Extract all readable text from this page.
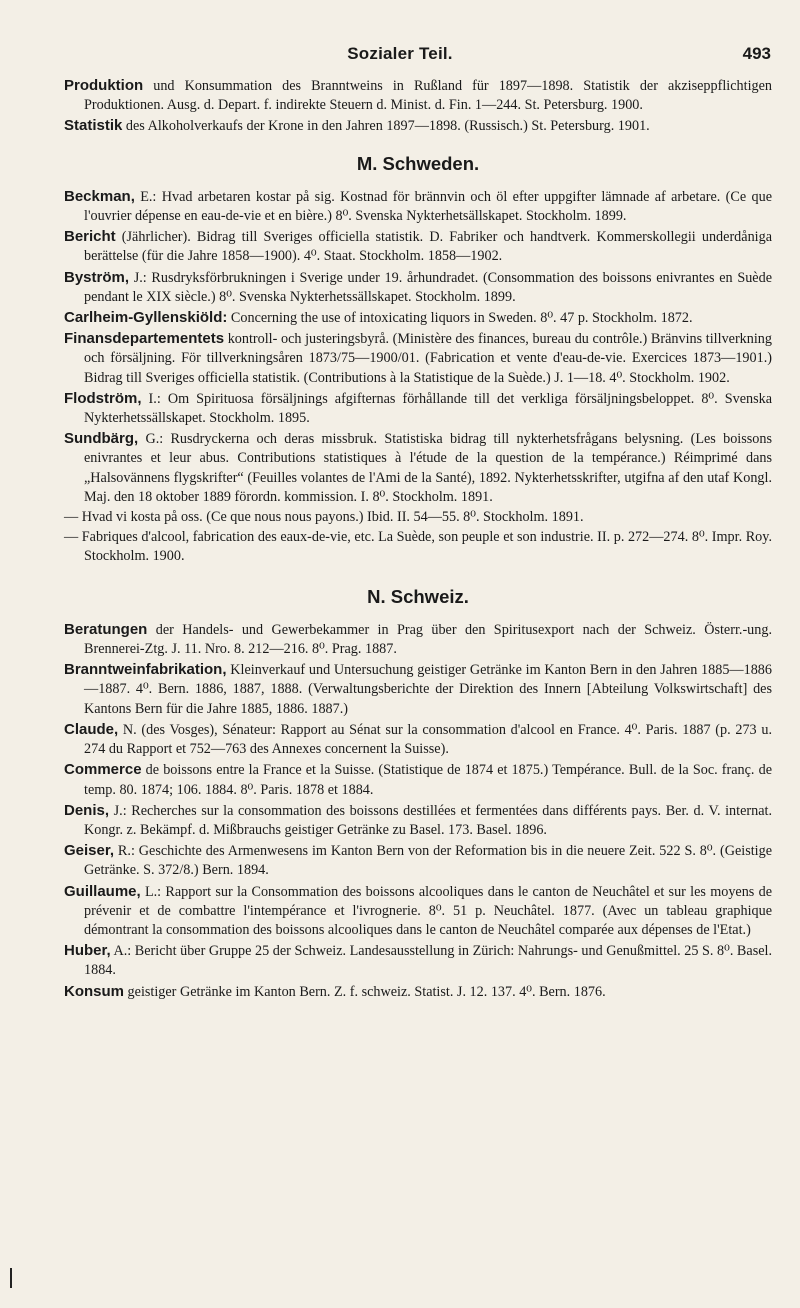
Sozialer Teil.	493

Produktion und Konsummation des Branntweins in Rußland für 1897—1898. Statistik der akziseppflichtigen Produktionen. Ausg. d. Depart. f. indirekte Steuern d. Minist. d. Fin. 1—244. St. Petersburg. 1900.

Statistik des Alkoholverkaufs der Krone in den Jahren 1897—1898. (Russisch.) St. Petersburg. 1901.

M. Schweden.

Beckman, E.: Hvad arbetaren kostar på sig. Kostnad för brännvin och öl efter uppgifter lämnade af arbetare. (Ce que l'ouvrier dépense en eau-de-vie et en bière.) 8⁰. Svenska Nykterhetsällskapet. Stockholm. 1899.

Bericht (Jährlicher). Bidrag till Sveriges officiella statistik. D. Fabriker och handtverk. Kommerskollegii underdåniga berättelse (für die Jahre 1858—1900). 4⁰. Staat. Stockholm. 1858—1902.

Byström, J.: Rusdryksförbrukningen i Sverige under 19. århundradet. (Consommation des boissons enivrantes en Suède pendant le XIX siècle.) 8⁰. Svenska Nykterhetssällskapet. Stockholm. 1899.

Carlheim-Gyllenskiöld: Concerning the use of intoxicating liquors in Sweden. 8⁰. 47 p. Stockholm. 1872.

Finansdepartementets kontroll- och justeringsbyrå. (Ministère des finances, bureau du contrôle.) Bränvins tillverkning och försäljning. För tillverkningsåren 1873/75—1900/01. (Fabrication et vente d'eau-de-vie. Exercices 1873—1901.) Bidrag till Sveriges officiella statistik. (Contributions à la Statistique de la Suède.) J. 1—18. 4⁰. Stockholm. 1902.

Flodström, I.: Om Spirituosa försäljnings afgifternas förhållande till det verkliga försäljningsbeloppet. 8⁰. Svenska Nykterhetssällskapet. Stockholm. 1895.

Sundbärg, G.: Rusdryckerna och deras missbruk. Statistiska bidrag till nykterhetsfrågans belysning. (Les boissons enivrantes et leur abus. Contributions statistiques à l'étude de la question de la tempérance.) Réimprimé dans „Halsovännens flygskrifter“ (Feuilles volantes de l'Ami de la Santé), 1892. Nykterhetsskrifter, utgifna af den utaf Kongl. Maj. den 18 oktober 1889 förordn. kommission. I. 8⁰. Stockholm. 1891.

— Hvad vi kosta på oss. (Ce que nous nous payons.) Ibid. II. 54—55. 8⁰. Stockholm. 1891.

— Fabriques d'alcool, fabrication des eaux-de-vie, etc. La Suède, son peuple et son industrie. II. p. 272—274. 8⁰. Impr. Roy. Stockholm. 1900.

N. Schweiz.

Beratungen der Handels- und Gewerbekammer in Prag über den Spiritusexport nach der Schweiz. Österr.-ung. Brennerei-Ztg. J. 11. Nro. 8. 212—216. 8⁰. Prag. 1887.

Branntweinfabrikation, Kleinverkauf und Untersuchung geistiger Getränke im Kanton Bern in den Jahren 1885—1886—1887. 4⁰. Bern. 1886, 1887, 1888. (Verwaltungsberichte der Direktion des Innern [Abteilung Volkswirtschaft] des Kantons Bern für die Jahre 1885, 1886. 1887.)

Claude, N. (des Vosges), Sénateur: Rapport au Sénat sur la consommation d'alcool en France. 4⁰. Paris. 1887 (p. 273 u. 274 du Rapport et 752—763 des Annexes concernent la Suisse).

Commerce de boissons entre la France et la Suisse. (Statistique de 1874 et 1875.) Tempérance. Bull. de la Soc. franç. de temp. 80. 1874; 106. 1884. 8⁰. Paris. 1878 et 1884.

Denis, J.: Recherches sur la consommation des boissons destillées et fermentées dans différents pays. Ber. d. V. internat. Kongr. z. Bekämpf. d. Mißbrauchs geistiger Getränke zu Basel. 173. Basel. 1896.

Geiser, R.: Geschichte des Armenwesens im Kanton Bern von der Reformation bis in die neuere Zeit. 522 S. 8⁰. (Geistige Getränke. S. 372/8.) Bern. 1894.

Guillaume, L.: Rapport sur la Consommation des boissons alcooliques dans le canton de Neuchâtel et sur les moyens de prévenir et de combattre l'intempérance et l'ivrognerie. 8⁰. 51 p. Neuchâtel. 1877. (Avec un tableau graphique démontrant la consommation des boissons alcooliques dans le canton de Neuchâtel comparée aux dépenses de l'Etat.)

Huber, A.: Bericht über Gruppe 25 der Schweiz. Landesausstellung in Zürich: Nahrungs- und Genußmittel. 25 S. 8⁰. Basel. 1884.

Konsum geistiger Getränke im Kanton Bern. Z. f. schweiz. Statist. J. 12. 137. 4⁰. Bern. 1876.
